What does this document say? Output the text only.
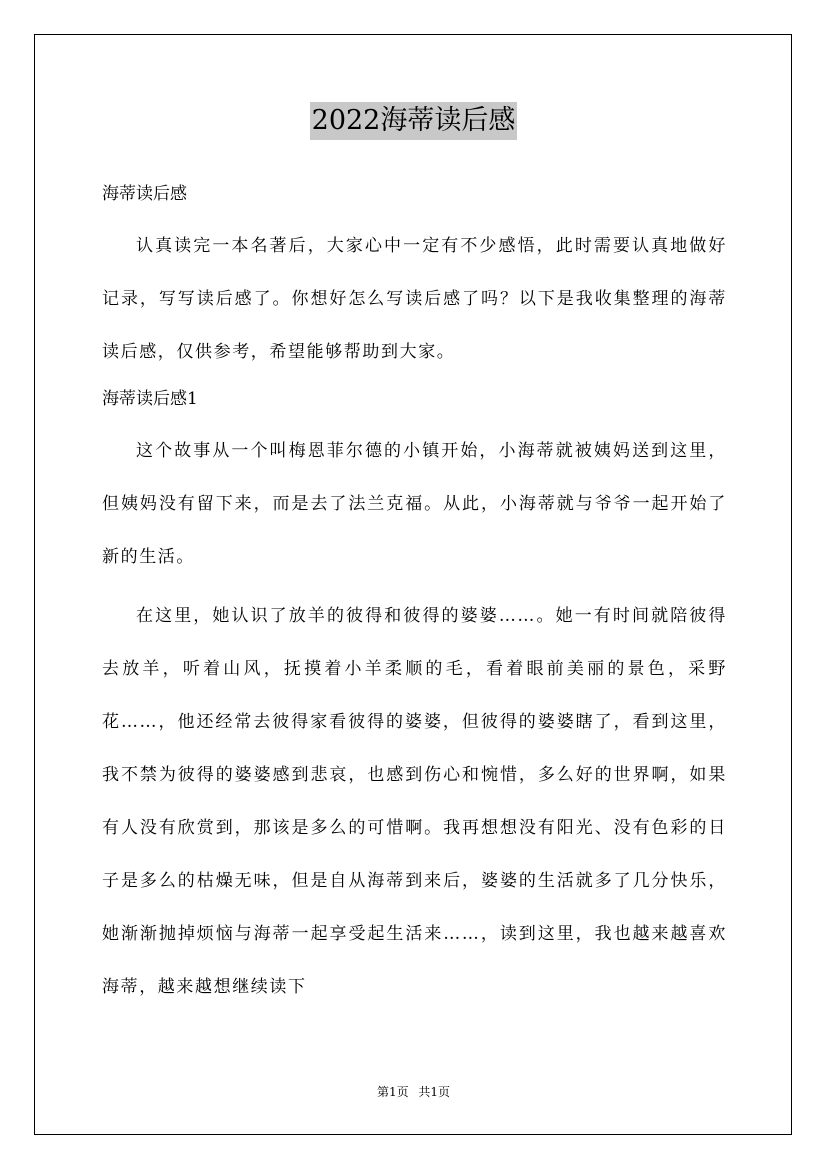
2022海蒂读后感
海蒂读后感

认真读完一本名著后，大家心中一定有不少感悟，此时需要认真地做好记录，写写读后感了。你想好怎么写读后感了吗？以下是我收集整理的海蒂读后感，仅供参考，希望能够帮助到大家。

海蒂读后感1

这个故事从一个叫梅恩菲尔德的小镇开始，小海蒂就被姨妈送到这里，但姨妈没有留下来，而是去了法兰克福。从此，小海蒂就与爷爷一起开始了新的生活。

在这里，她认识了放羊的彼得和彼得的婆婆……。她一有时间就陪彼得去放羊，听着山风，抚摸着小羊柔顺的毛，看着眼前美丽的景色，采野花……，他还经常去彼得家看彼得的婆婆，但彼得的婆婆瞎了，看到这里，我不禁为彼得的婆婆感到悲哀，也感到伤心和惋惜，多么好的世界啊，如果有人没有欣赏到，那该是多么的可惜啊。我再想想没有阳光、没有色彩的日子是多么的枯燥无味，但是自从海蒂到来后，婆婆的生活就多了几分快乐，她渐渐抛掉烦恼与海蒂一起享受起生活来……，读到这里，我也越来越喜欢海蒂，越来越想继续读下

第1页 共1页
